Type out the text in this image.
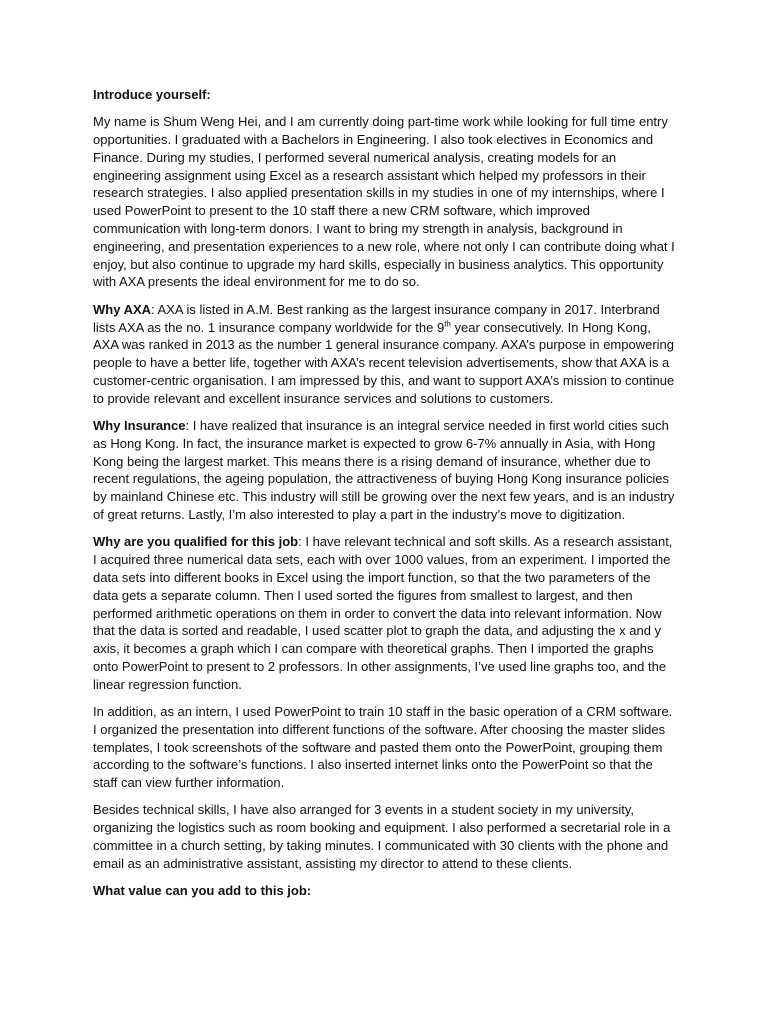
Introduce yourself:

My name is Shum Weng Hei, and I am currently doing part-time work while looking for full time entry opportunities. I graduated with a Bachelors in Engineering. I also took electives in Economics and Finance. During my studies, I performed several numerical analysis, creating models for an engineering assignment using Excel as a research assistant which helped my professors in their research strategies. I also applied presentation skills in my studies in one of my internships, where I used PowerPoint to present to the 10 staff there a new CRM software, which improved communication with long-term donors. I want to bring my strength in analysis, background in engineering, and presentation experiences to a new role, where not only I can contribute doing what I enjoy, but also continue to upgrade my hard skills, especially in business analytics. This opportunity with AXA presents the ideal environment for me to do so.

Why AXA: AXA is listed in A.M. Best ranking as the largest insurance company in 2017. Interbrand lists AXA as the no. 1 insurance company worldwide for the 9th year consecutively. In Hong Kong, AXA was ranked in 2013 as the number 1 general insurance company. AXA’s purpose in empowering people to have a better life, together with AXA’s recent television advertisements, show that AXA is a customer-centric organisation. I am impressed by this, and want to support AXA’s mission to continue to provide relevant and excellent insurance services and solutions to customers.

Why Insurance: I have realized that insurance is an integral service needed in first world cities such as Hong Kong. In fact, the insurance market is expected to grow 6-7% annually in Asia, with Hong Kong being the largest market. This means there is a rising demand of insurance, whether due to recent regulations, the ageing population, the attractiveness of buying Hong Kong insurance policies by mainland Chinese etc. This industry will still be growing over the next few years, and is an industry of great returns. Lastly, I’m also interested to play a part in the industry’s move to digitization.

Why are you qualified for this job: I have relevant technical and soft skills. As a research assistant, I acquired three numerical data sets, each with over 1000 values, from an experiment. I imported the data sets into different books in Excel using the import function, so that the two parameters of the data gets a separate column. Then I used sorted the figures from smallest to largest, and then performed arithmetic operations on them in order to convert the data into relevant information. Now that the data is sorted and readable, I used scatter plot to graph the data, and adjusting the x and y axis, it becomes a graph which I can compare with theoretical graphs. Then I imported the graphs onto PowerPoint to present to 2 professors. In other assignments, I’ve used line graphs too, and the linear regression function.

In addition, as an intern, I used PowerPoint to train 10 staff in the basic operation of a CRM software. I organized the presentation into different functions of the software. After choosing the master slides templates, I took screenshots of the software and pasted them onto the PowerPoint, grouping them according to the software’s functions. I also inserted internet links onto the PowerPoint so that the staff can view further information.

Besides technical skills, I have also arranged for 3 events in a student society in my university, organizing the logistics such as room booking and equipment. I also performed a secretarial role in a committee in a church setting, by taking minutes. I communicated with 30 clients with the phone and email as an administrative assistant, assisting my director to attend to these clients.

What value can you add to this job:
